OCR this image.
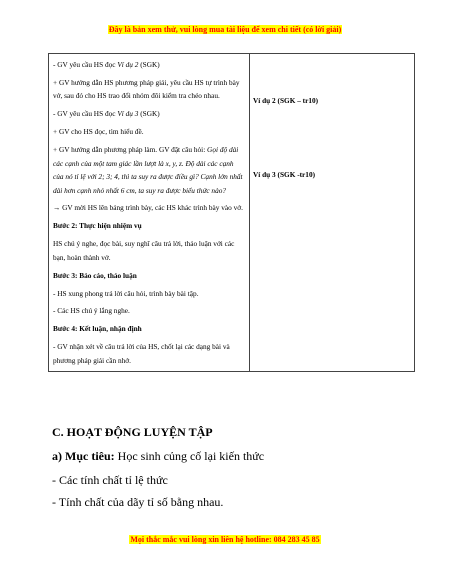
Đây là bản xem thử, vui lòng mua tài liệu để xem chi tiết (có lời giải)

- GV yêu cầu HS đọc Ví dụ 2 (SGK)

+ GV hướng dẫn HS phương pháp giải, yêu cầu HS tự trình bày vở, sau đó cho HS trao đổi nhóm đôi kiểm tra chéo nhau.

- GV yêu cầu HS đọc Ví dụ 3 (SGK)

+ GV cho HS đọc, tìm hiểu đề.

+ GV hướng dẫn phương pháp làm. GV đặt câu hỏi: Gọi độ dài các cạnh của một tam giác lần lượt là x, y, z. Độ dài các cạnh của nó tỉ lệ với 2; 3; 4, thì ta suy ra được điều gì? Cạnh lớn nhất dài hơn cạnh nhỏ nhất 6 cm, ta suy ra được biểu thức nào?

→ GV mời HS lên bảng trình bày, các HS khác trình bày vào vở.

Bước 2: Thực hiện nhiệm vụ

HS chú ý nghe, đọc bài, suy nghĩ câu trả lời, thảo luận với các bạn, hoàn thành vở.

Bước 3: Báo cáo, thảo luận

- HS xung phong trả lời câu hỏi, trình bày bài tập.

- Các HS chú ý lắng nghe.

Bước 4: Kết luận, nhận định

- GV nhận xét về câu trả lời của HS, chốt lại các dạng bài và phương pháp giải cần nhớ.

Ví dụ 2 (SGK – tr10)
Ví dụ 3 (SGK -tr10)
C. HOẠT ĐỘNG LUYỆN TẬP
a) Mục tiêu: Học sinh củng cố lại kiến thức
- Các tính chất tỉ lệ thức
- Tính chất của dãy tỉ số bằng nhau.
Mọi thắc mắc vui lòng xin liên hệ hotline: 084 283 45 85
